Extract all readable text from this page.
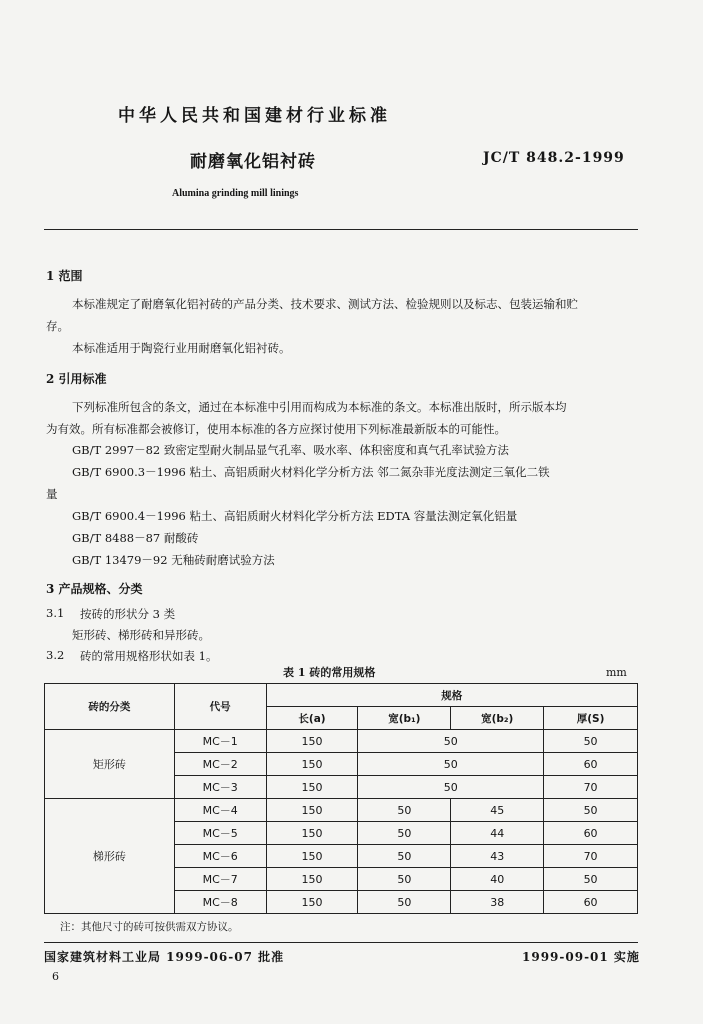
中华人民共和国建材行业标准
耐磨氧化铝衬砖	JC/T 848.2-1999
Alumina grinding mill linings
1 范围
本标准规定了耐磨氧化铝衬砖的产品分类、技术要求、测试方法、检验规则以及标志、包装运输和贮
存。
本标准适用于陶瓷行业用耐磨氧化铝衬砖。
2 引用标准
下列标准所包含的条文，通过在本标准中引用而构成为本标准的条文。本标准出版时，所示版本均
为有效。所有标准都会被修订，使用本标准的各方应探讨使用下列标准最新版本的可能性。
GB/T 2997－82 致密定型耐火制品显气孔率、吸水率、体积密度和真气孔率试验方法
GB/T 6900.3－1996 粘土、高铝质耐火材料化学分析方法 邻二氮杂菲光度法测定三氧化二铁
量
GB/T 6900.4－1996 粘土、高铝质耐火材料化学分析方法 EDTA 容量法测定氧化铝量
GB/T 8488－87 耐酸砖
GB/T 13479－92 无釉砖耐磨试验方法
3 产品规格、分类
3.1 按砖的形状分 3 类
矩形砖、梯形砖和异形砖。
3.2 砖的常用规格形状如表 1。
表 1 砖的常用规格	mm
砖的分类	代号	规格			
		长(a)	宽(b₁)	宽(b₂)	厚(S)
矩形砖	MC－1	150	50		50
	MC－2	150	50		60
	MC－3	150	50		70
梯形砖	MC－4	150	50	45	50
	MC－5	150	50	44	60
	MC－6	150	50	43	70
	MC－7	150	50	40	50
	MC－8	150	50	38	60
注：其他尺寸的砖可按供需双方协议。
国家建筑材料工业局 1999-06-07 批准	1999-09-01 实施
6
